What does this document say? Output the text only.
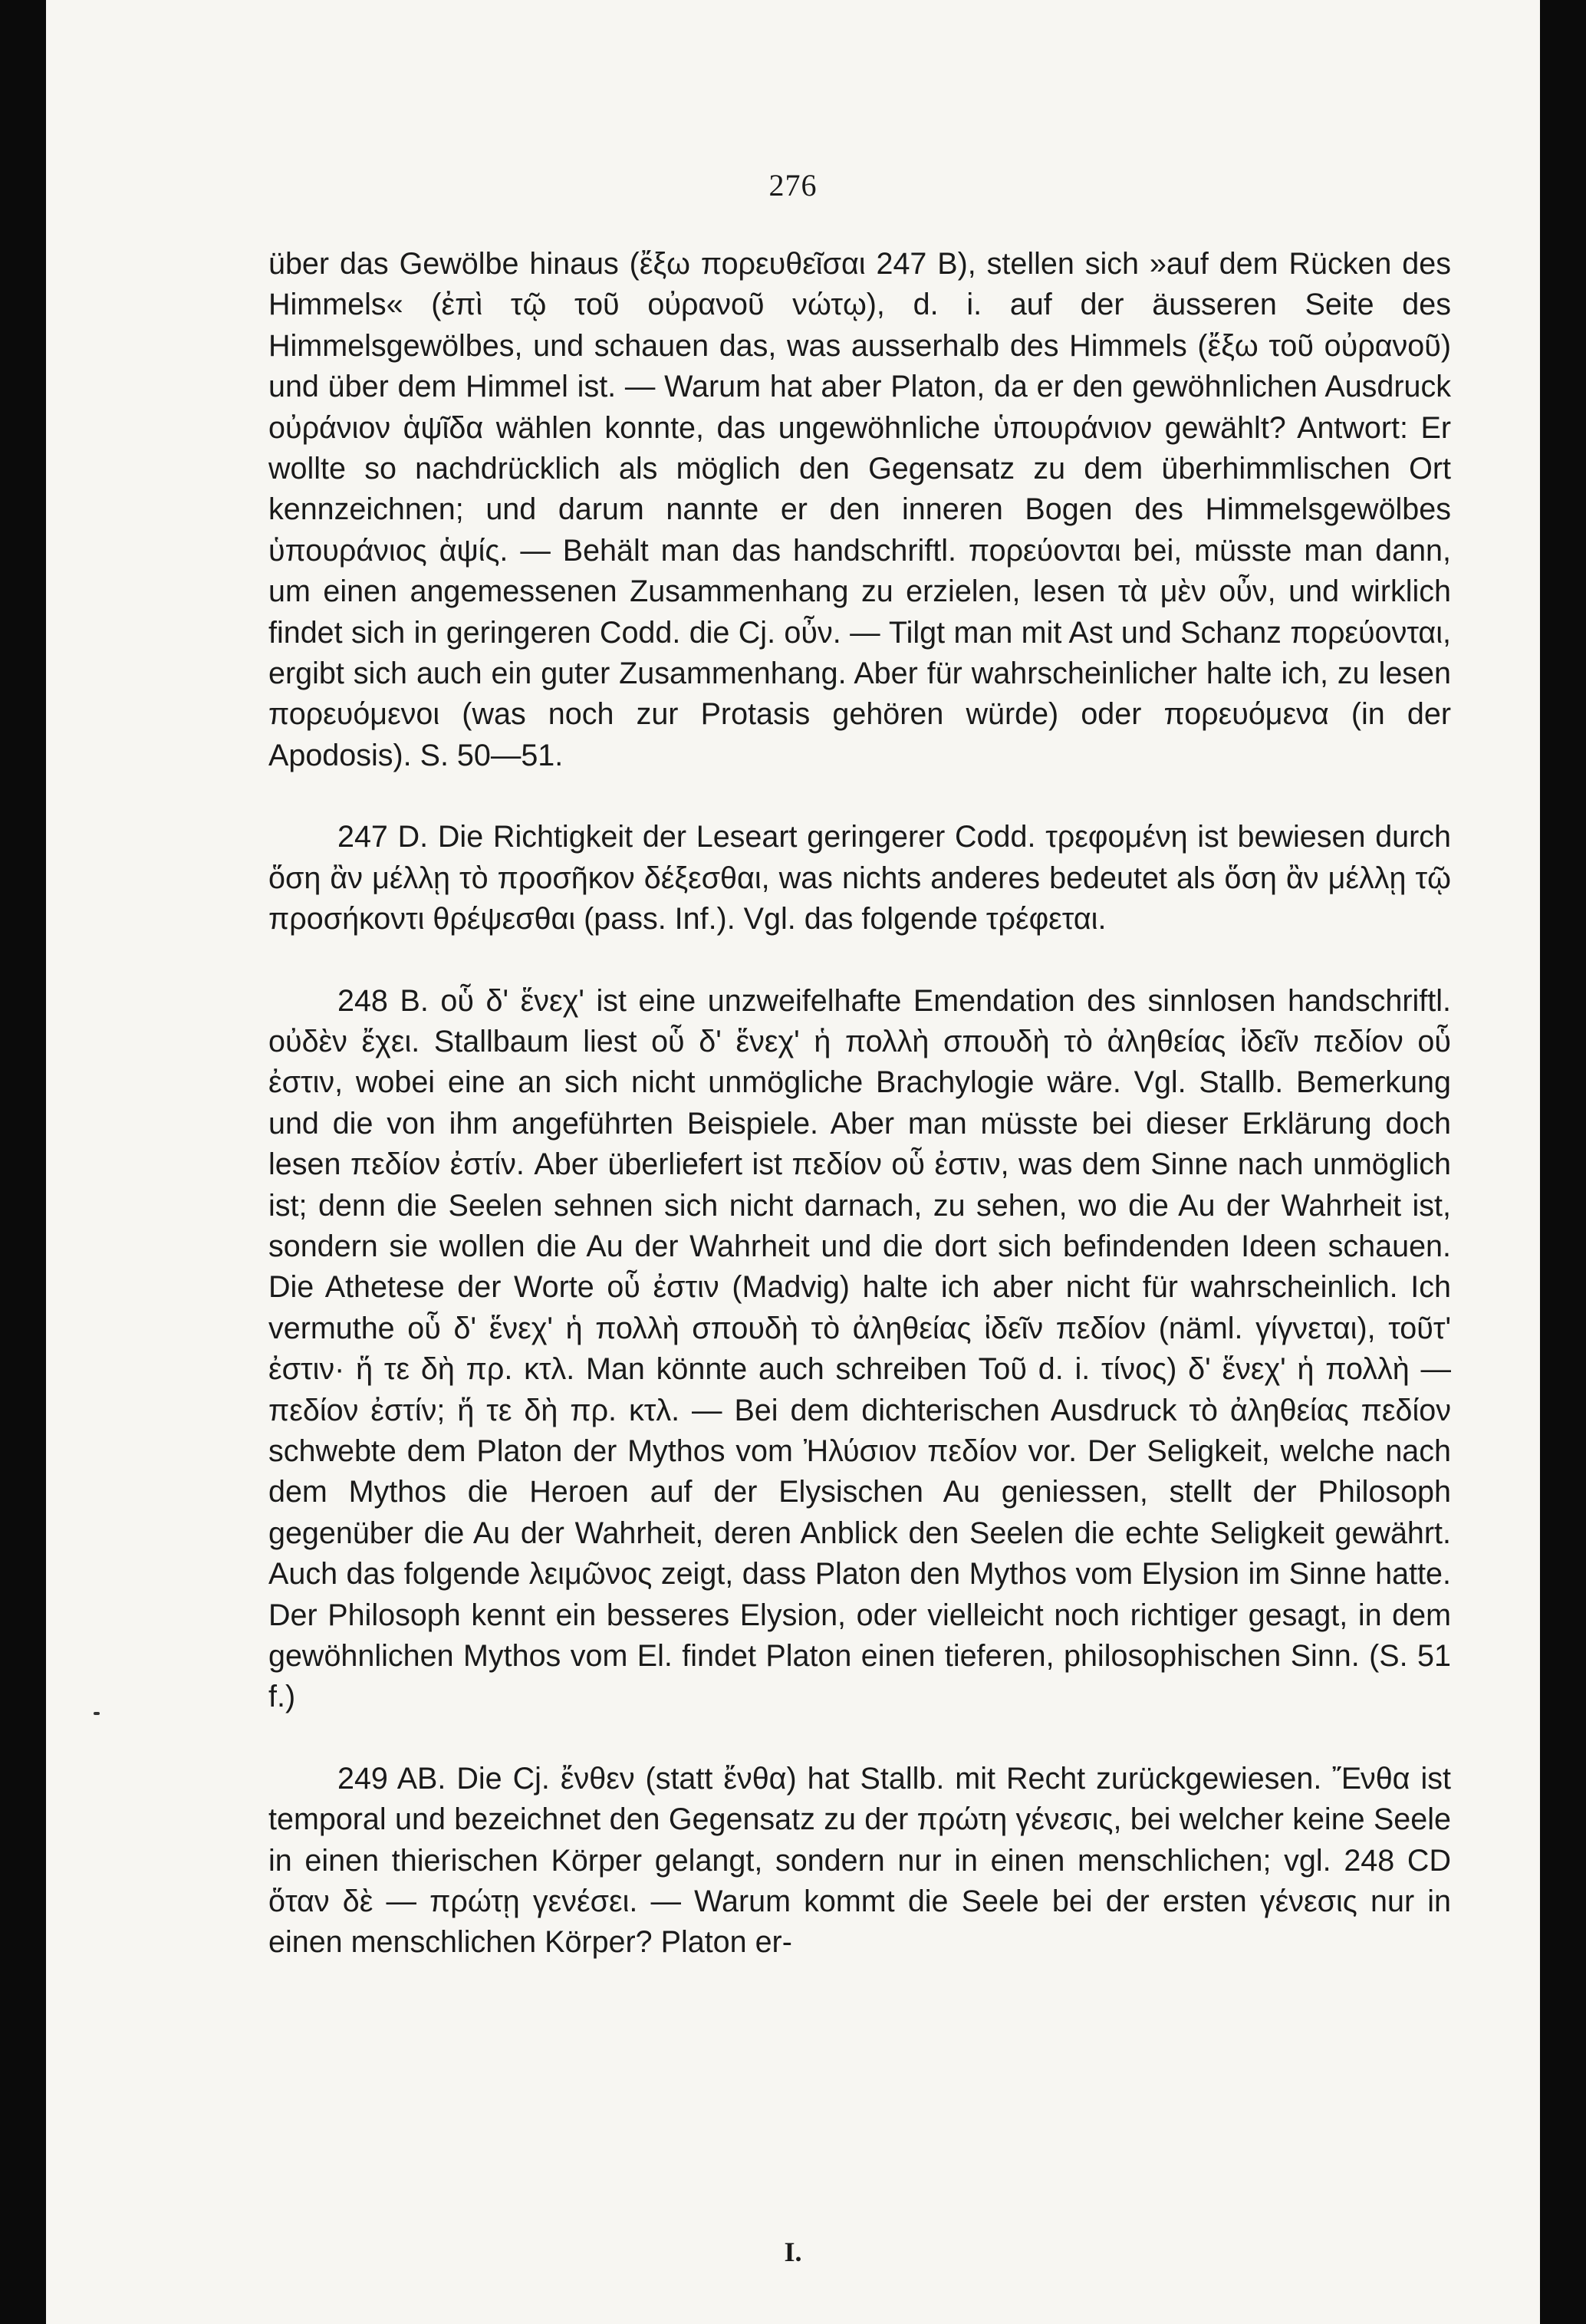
276

über das Gewölbe hinaus (ἔξω πορευθεῖσαι 247 B), stellen sich »auf dem Rücken des Himmels« (ἐπὶ τῷ τοῦ οὐρανοῦ νώτῳ), d. i. auf der äusseren Seite des Himmelsgewölbes, und schauen das, was ausserhalb des Himmels (ἔξω τοῦ οὐρανοῦ) und über dem Himmel ist. — Warum hat aber Platon, da er den gewöhnlichen Ausdruck οὐράνιον ἁψῖδα wählen konnte, das ungewöhnliche ὑπουράνιον gewählt? Antwort: Er wollte so nachdrücklich als möglich den Gegensatz zu dem überhimmlischen Ort kennzeichnen; und darum nannte er den inneren Bogen des Himmelsgewölbes ὑπουράνιος ἁψίς. — Behält man das handschriftl. πορεύονται bei, müsste man dann, um einen angemessenen Zusammenhang zu erzielen, lesen τὰ μὲν οὖν, und wirklich findet sich in geringeren Codd. die Cj. οὖν. — Tilgt man mit Ast und Schanz πορεύονται, ergibt sich auch ein guter Zusammenhang. Aber für wahrscheinlicher halte ich, zu lesen πορευόμενοι (was noch zur Protasis gehören würde) oder πορευόμενα (in der Apodosis). S. 50—51.

247 D. Die Richtigkeit der Leseart geringerer Codd. τρεφομένη ist bewiesen durch ὅση ἂν μέλλῃ τὸ προσῆκον δέξεσθαι, was nichts anderes bedeutet als ὅση ἂν μέλλῃ τῷ προσήκοντι θρέψεσθαι (pass. Inf.). Vgl. das folgende τρέφεται.

248 B. οὗ δ' ἕνεχ' ist eine unzweifelhafte Emendation des sinnlosen handschriftl. οὐδὲν ἔχει. Stallbaum liest οὗ δ' ἕνεχ' ἡ πολλὴ σπουδὴ τὸ ἀληθείας ἰδεῖν πεδίον οὗ ἐστιν, wobei eine an sich nicht unmögliche Brachylogie wäre. Vgl. Stallb. Bemerkung und die von ihm angeführten Beispiele. Aber man müsste bei dieser Erklärung doch lesen πεδίον ἐστίν. Aber überliefert ist πεδίον οὗ ἐστιν, was dem Sinne nach unmöglich ist; denn die Seelen sehnen sich nicht darnach, zu sehen, wo die Au der Wahrheit ist, sondern sie wollen die Au der Wahrheit und die dort sich befindenden Ideen schauen. Die Athetese der Worte οὗ ἐστιν (Madvig) halte ich aber nicht für wahrscheinlich. Ich vermuthe οὗ δ' ἕνεχ' ἡ πολλὴ σπουδὴ τὸ ἀληθείας ἰδεῖν πεδίον (näml. γίγνεται), τοῦτ' ἐστιν· ἥ τε δὴ πρ. κτλ. Man könnte auch schreiben Τοῦ d. i. τίνος) δ' ἕνεχ' ἡ πολλὴ — πεδίον ἐστίν; ἥ τε δὴ πρ. κτλ. — Bei dem dichterischen Ausdruck τὸ ἀληθείας πεδίον schwebte dem Platon der Mythos vom Ἠλύσιον πεδίον vor. Der Seligkeit, welche nach dem Mythos die Heroen auf der Elysischen Au geniessen, stellt der Philosoph gegenüber die Au der Wahrheit, deren Anblick den Seelen die echte Seligkeit gewährt. Auch das folgende λειμῶνος zeigt, dass Platon den Mythos vom Elysion im Sinne hatte. Der Philosoph kennt ein besseres Elysion, oder vielleicht noch richtiger gesagt, in dem gewöhnlichen Mythos vom El. findet Platon einen tieferen, philosophischen Sinn. (S. 51 f.)

249 AB. Die Cj. ἔνθεν (statt ἔνθα) hat Stallb. mit Recht zurückgewiesen. Ἔνθα ist temporal und bezeichnet den Gegensatz zu der πρώτη γένεσις, bei welcher keine Seele in einen thierischen Körper gelangt, sondern nur in einen menschlichen; vgl. 248 CD ὅταν δὲ — πρώτῃ γενέσει. — Warum kommt die Seele bei der ersten γένεσις nur in einen menschlichen Körper? Platon er-

I.
